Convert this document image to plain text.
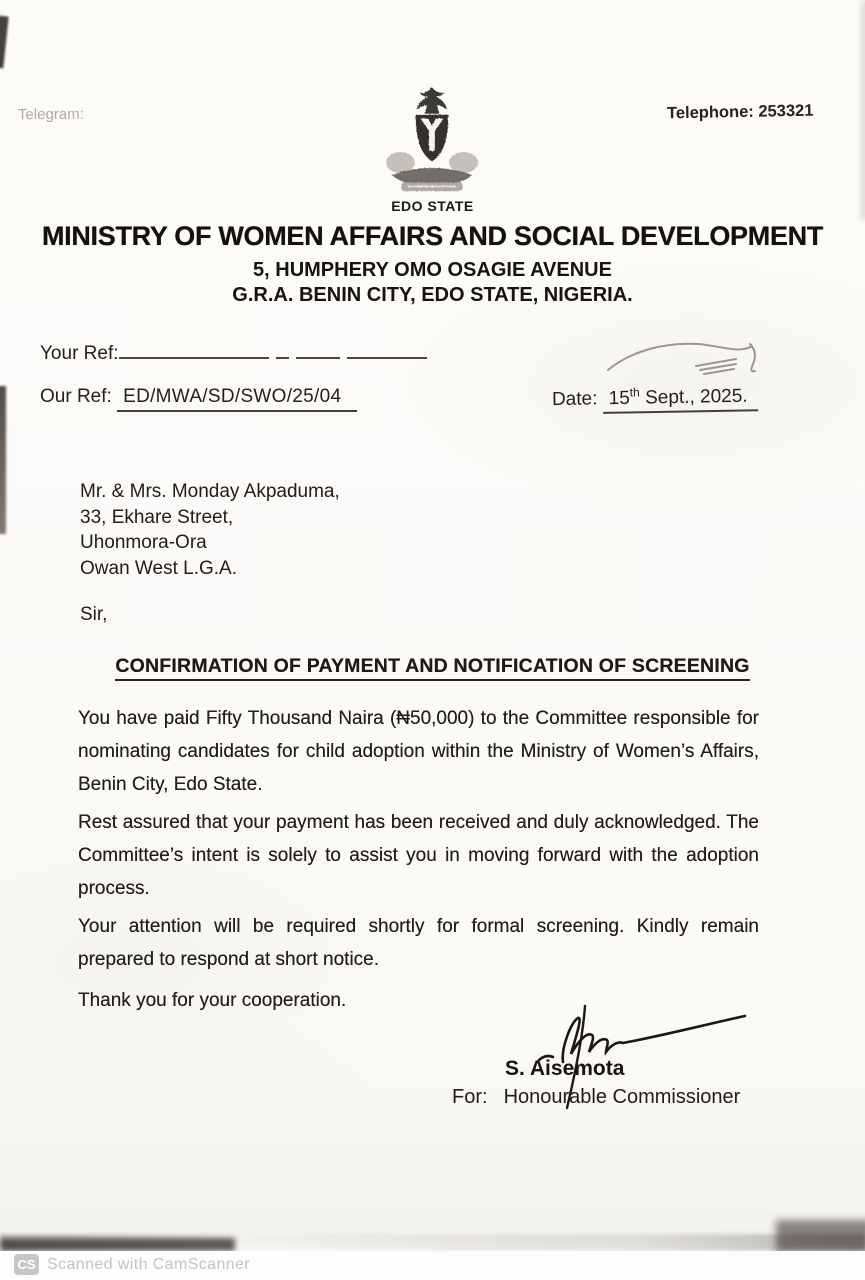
Telegram:	Telephone: 253321
EDO STATE
MINISTRY OF WOMEN AFFAIRS AND SOCIAL DEVELOPMENT
5, HUMPHERY OMO OSAGIE AVENUE
G.R.A. BENIN CITY, EDO STATE, NIGERIA.
Your Ref:
Our Ref: ED/MWA/SD/SWO/25/04	Date: 15th Sept., 2025.
Mr. & Mrs. Monday Akpaduma,
33, Ekhare Street,
Uhonmora-Ora
Owan West L.G.A.
Sir,
CONFIRMATION OF PAYMENT AND NOTIFICATION OF SCREENING

You have paid Fifty Thousand Naira (₦50,000) to the Committee responsible for nominating candidates for child adoption within the Ministry of Women’s Affairs, Benin City, Edo State.

Rest assured that your payment has been received and duly acknowledged. The Committee’s intent is solely to assist you in moving forward with the adoption process.

Your attention will be required shortly for formal screening. Kindly remain prepared to respond at short notice.

Thank you for your cooperation.

S. Aisemota
For: Honourable Commissioner
CS Scanned with CamScanner
